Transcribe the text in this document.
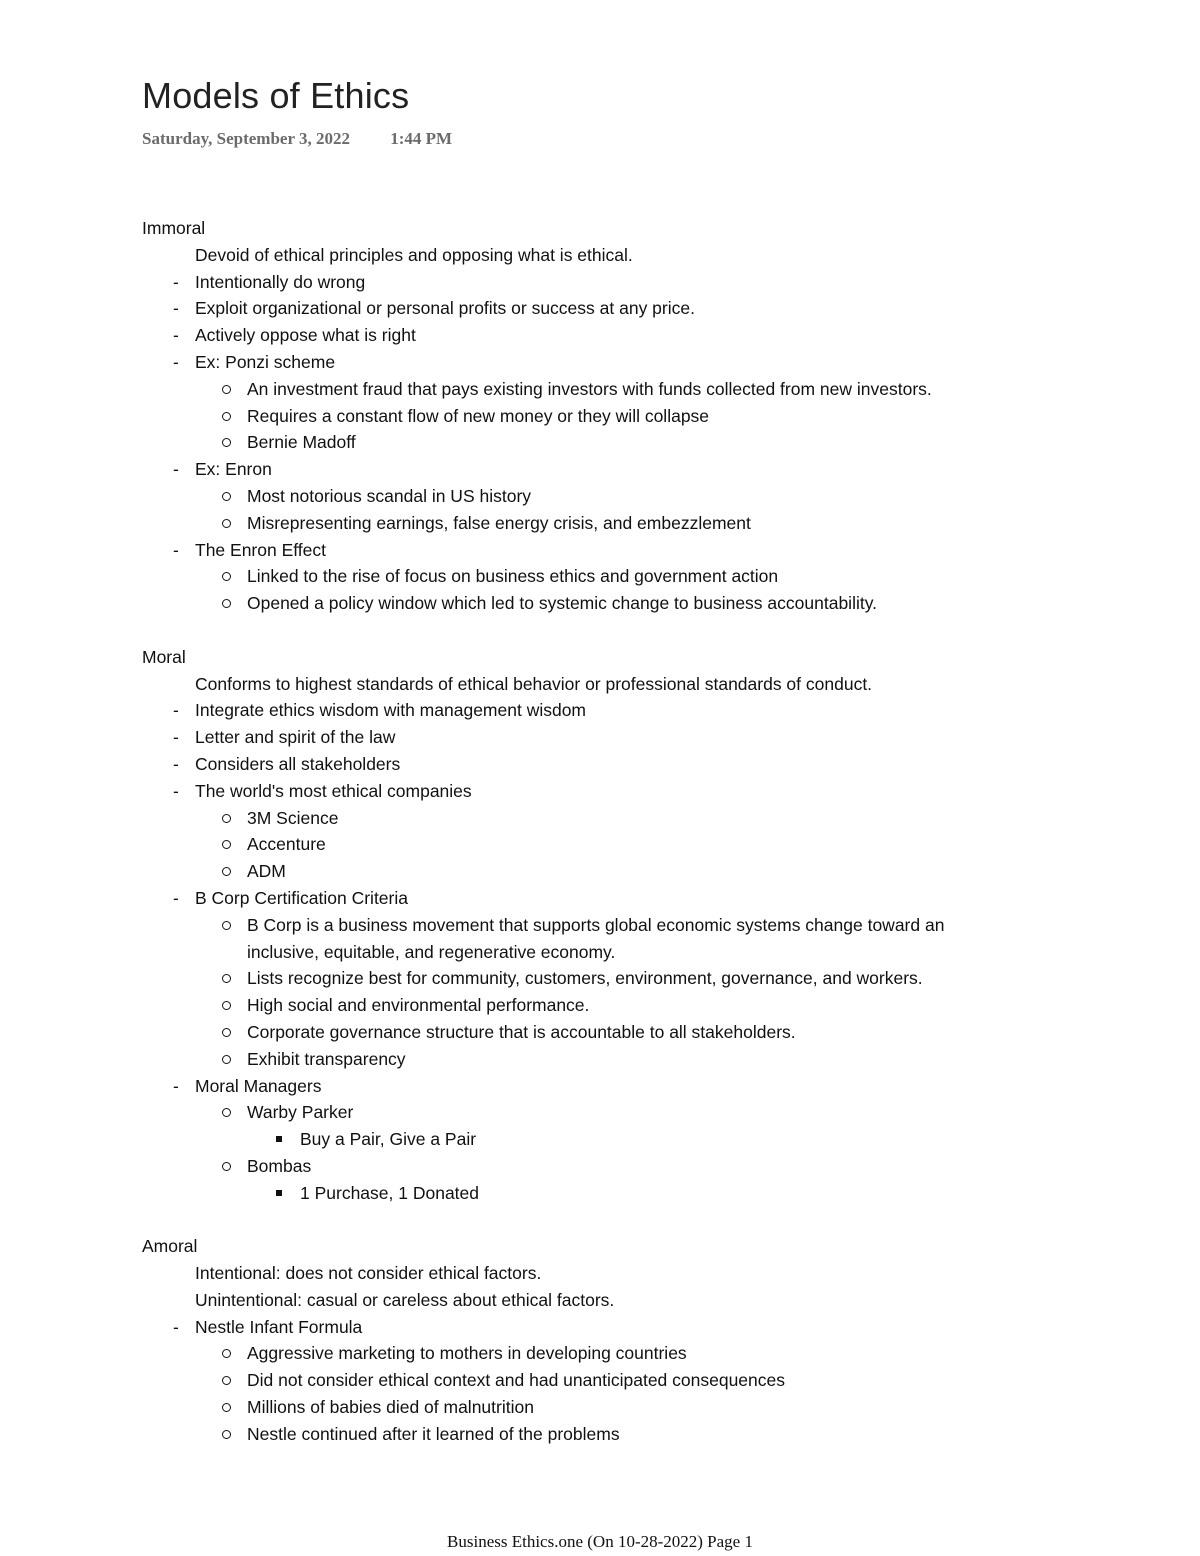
Models of Ethics
Saturday, September 3, 2022 1:44 PM
Immoral
Devoid of ethical principles and opposing what is ethical.
- Intentionally do wrong
- Exploit organizational or personal profits or success at any price.
- Actively oppose what is right
- Ex: Ponzi scheme
An investment fraud that pays existing investors with funds collected from new investors.
Requires a constant flow of new money or they will collapse
Bernie Madoff
- Ex: Enron
Most notorious scandal in US history
Misrepresenting earnings, false energy crisis, and embezzlement
- The Enron Effect
Linked to the rise of focus on business ethics and government action
Opened a policy window which led to systemic change to business accountability.
Moral
Conforms to highest standards of ethical behavior or professional standards of conduct.
- Integrate ethics wisdom with management wisdom
- Letter and spirit of the law
- Considers all stakeholders
- The world's most ethical companies
3M Science
Accenture
ADM
- B Corp Certification Criteria
B Corp is a business movement that supports global economic systems change toward an
inclusive, equitable, and regenerative economy.
Lists recognize best for community, customers, environment, governance, and workers.
High social and environmental performance.
Corporate governance structure that is accountable to all stakeholders.
Exhibit transparency
- Moral Managers
Warby Parker
Buy a Pair, Give a Pair
Bombas
1 Purchase, 1 Donated
Amoral
Intentional: does not consider ethical factors.
Unintentional: casual or careless about ethical factors.
- Nestle Infant Formula
Aggressive marketing to mothers in developing countries
Did not consider ethical context and had unanticipated consequences
Millions of babies died of malnutrition
Nestle continued after it learned of the problems
Business Ethics.one (On 10-28-2022) Page 1
